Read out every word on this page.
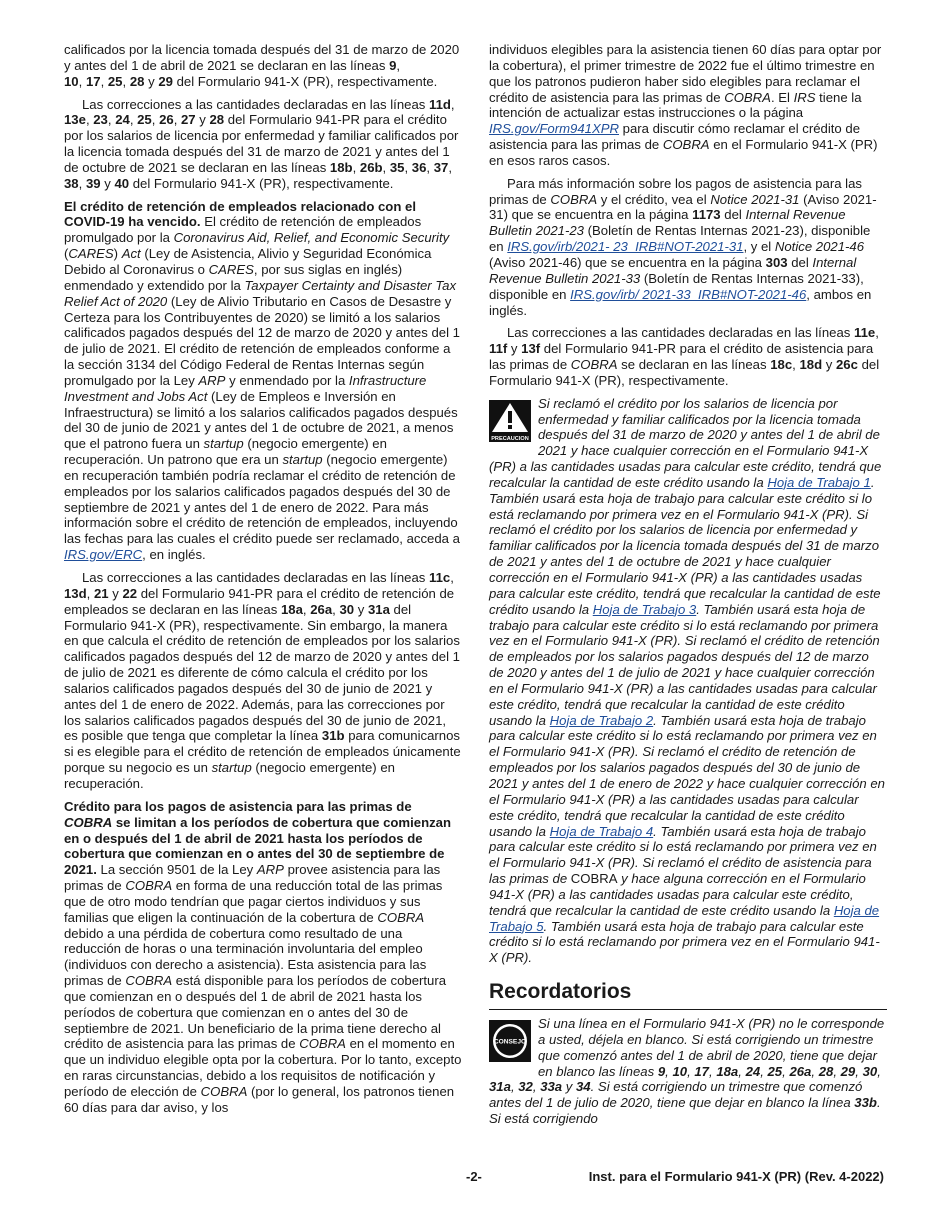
calificados por la licencia tomada después del 31 de marzo de 2020 y antes del 1 de abril de 2021 se declaran en las líneas 9,
10, 17, 25, 28 y 29 del Formulario 941-X (PR), respectivamente.

Las correcciones a las cantidades declaradas en las líneas 11d, 13e, 23, 24, 25, 26, 27 y 28 del Formulario 941-PR para el crédito por los salarios de licencia por enfermedad y familiar calificados por la licencia tomada después del 31 de marzo de 2021 y antes del 1 de octubre de 2021 se declaran en las líneas 18b, 26b, 35, 36, 37, 38, 39 y 40 del Formulario 941-X (PR), respectivamente.

El crédito de retención de empleados relacionado con el COVID-19 ha vencido. El crédito de retención de empleados promulgado por la Coronavirus Aid, Relief, and Economic Security (CARES) Act (Ley de Asistencia, Alivio y Seguridad Económica Debido al Coronavirus o CARES, por sus siglas en inglés) enmendado y extendido por la Taxpayer Certainty and Disaster Tax Relief Act of 2020 (Ley de Alivio Tributario en Casos de Desastre y Certeza para los Contribuyentes de 2020) se limitó a los salarios calificados pagados después del 12 de marzo de 2020 y antes del 1 de julio de 2021. El crédito de retención de empleados conforme a la sección 3134 del Código Federal de Rentas Internas según promulgado por la Ley ARP y enmendado por la Infrastructure Investment and Jobs Act (Ley de Empleos e Inversión en Infraestructura) se limitó a los salarios calificados pagados después del 30 de junio de 2021 y antes del 1 de octubre de 2021, a menos que el patrono fuera un startup (negocio emergente) en recuperación. Un patrono que era un startup (negocio emergente) en recuperación también podría reclamar el crédito de retención de empleados por los salarios calificados pagados después del 30 de septiembre de 2021 y antes del 1 de enero de 2022. Para más información sobre el crédito de retención de empleados, incluyendo las fechas para las cuales el crédito puede ser reclamado, acceda a IRS.gov/ERC, en inglés.

Las correcciones a las cantidades declaradas en las líneas 11c, 13d, 21 y 22 del Formulario 941-PR para el crédito de retención de empleados se declaran en las líneas 18a, 26a, 30 y 31a del Formulario 941-X (PR), respectivamente. Sin embargo, la manera en que calcula el crédito de retención de empleados por los salarios calificados pagados después del 12 de marzo de 2020 y antes del 1 de julio de 2021 es diferente de cómo calcula el crédito por los salarios calificados pagados después del 30 de junio de 2021 y antes del 1 de enero de 2022. Además, para las correcciones por los salarios calificados pagados después del 30 de junio de 2021, es posible que tenga que completar la línea 31b para comunicarnos si es elegible para el crédito de retención de empleados únicamente porque su negocio es un startup (negocio emergente) en recuperación.

Crédito para los pagos de asistencia para las primas de COBRA se limitan a los períodos de cobertura que comienzan en o después del 1 de abril de 2021 hasta los períodos de cobertura que comienzan en o antes del 30 de septiembre de 2021. La sección 9501 de la Ley ARP provee asistencia para las primas de COBRA en forma de una reducción total de las primas que de otro modo tendrían que pagar ciertos individuos y sus familias que eligen la continuación de la cobertura de COBRA debido a una pérdida de cobertura como resultado de una reducción de horas o una terminación involuntaria del empleo (individuos con derecho a asistencia). Esta asistencia para las primas de COBRA está disponible para los períodos de cobertura que comienzan en o después del 1 de abril de 2021 hasta los períodos de cobertura que comienzan en o antes del 30 de septiembre de 2021. Un beneficiario de la prima tiene derecho al crédito de asistencia para las primas de COBRA en el momento en que un individuo elegible opta por la cobertura. Por lo tanto, excepto en raras circunstancias, debido a los requisitos de notificación y período de elección de COBRA (por lo general, los patronos tienen 60 días para dar aviso, y los

individuos elegibles para la asistencia tienen 60 días para optar por la cobertura), el primer trimestre de 2022 fue el último trimestre en que los patronos pudieron haber sido elegibles para reclamar el crédito de asistencia para las primas de COBRA. El IRS tiene la intención de actualizar estas instrucciones o la página IRS.gov/Form941XPR para discutir cómo reclamar el crédito de asistencia para las primas de COBRA en el Formulario 941-X (PR) en esos raros casos.

Para más información sobre los pagos de asistencia para las primas de COBRA y el crédito, vea el Notice 2021-31 (Aviso 2021-31) que se encuentra en la página 1173 del Internal Revenue Bulletin 2021-23 (Boletín de Rentas Internas 2021-23), disponible en IRS.gov/irb/2021- 23_IRB#NOT-2021-31, y el Notice 2021-46 (Aviso 2021-46) que se encuentra en la página 303 del Internal Revenue Bulletin 2021-33 (Boletín de Rentas Internas 2021-33), disponible en IRS.gov/irb/ 2021-33_IRB#NOT-2021-46, ambos en inglés.

Las correcciones a las cantidades declaradas en las líneas 11e, 11f y 13f del Formulario 941-PR para el crédito de asistencia para las primas de COBRA se declaran en las líneas 18c, 18d y 26c del Formulario 941-X (PR), respectivamente.

PRECAUCION
Si reclamó el crédito por los salarios de licencia por enfermedad y familiar calificados por la licencia tomada después del 31 de marzo de 2020 y antes del 1 de abril de 2021 y hace cualquier corrección en el Formulario 941-X (PR) a las cantidades usadas para calcular este crédito, tendrá que recalcular la cantidad de este crédito usando la Hoja de Trabajo 1. También usará esta hoja de trabajo para calcular este crédito si lo está reclamando por primera vez en el Formulario 941-X (PR). Si reclamó el crédito por los salarios de licencia por enfermedad y familiar calificados por la licencia tomada después del 31 de marzo de 2021 y antes del 1 de octubre de 2021 y hace cualquier corrección en el Formulario 941-X (PR) a las cantidades usadas para calcular este crédito, tendrá que recalcular la cantidad de este crédito usando la Hoja de Trabajo 3. También usará esta hoja de trabajo para calcular este crédito si lo está reclamando por primera vez en el Formulario 941-X (PR). Si reclamó el crédito de retención de empleados por los salarios pagados después del 12 de marzo de 2020 y antes del 1 de julio de 2021 y hace cualquier corrección en el Formulario 941-X (PR) a las cantidades usadas para calcular este crédito, tendrá que recalcular la cantidad de este crédito usando la Hoja de Trabajo 2. También usará esta hoja de trabajo para calcular este crédito si lo está reclamando por primera vez en el Formulario 941-X (PR). Si reclamó el crédito de retención de empleados por los salarios pagados después del 30 de junio de 2021 y antes del 1 de enero de 2022 y hace cualquier corrección en el Formulario 941-X (PR) a las cantidades usadas para calcular este crédito, tendrá que recalcular la cantidad de este crédito usando la Hoja de Trabajo 4. También usará esta hoja de trabajo para calcular este crédito si lo está reclamando por primera vez en el Formulario 941-X (PR). Si reclamó el crédito de asistencia para las primas de COBRA y hace alguna corrección en el Formulario 941-X (PR) a las cantidades usadas para calcular este crédito, tendrá que recalcular la cantidad de este crédito usando la Hoja de Trabajo 5. También usará esta hoja de trabajo para calcular este crédito si lo está reclamando por primera vez en el Formulario 941-X (PR).
Recordatorios
CONSEJO
Si una línea en el Formulario 941-X (PR) no le corresponde a usted, déjela en blanco. Si está corrigiendo un trimestre que comenzó antes del 1 de abril de 2020, tiene que dejar en blanco las líneas 9, 10, 17, 18a, 24, 25, 26a, 28, 29, 30, 31a, 32, 33a y 34. Si está corrigiendo un trimestre que comenzó antes del 1 de julio de 2020, tiene que dejar en blanco la línea 33b. Si está corrigiendo
-2-	Inst. para el Formulario 941-X (PR) (Rev. 4-2022)
